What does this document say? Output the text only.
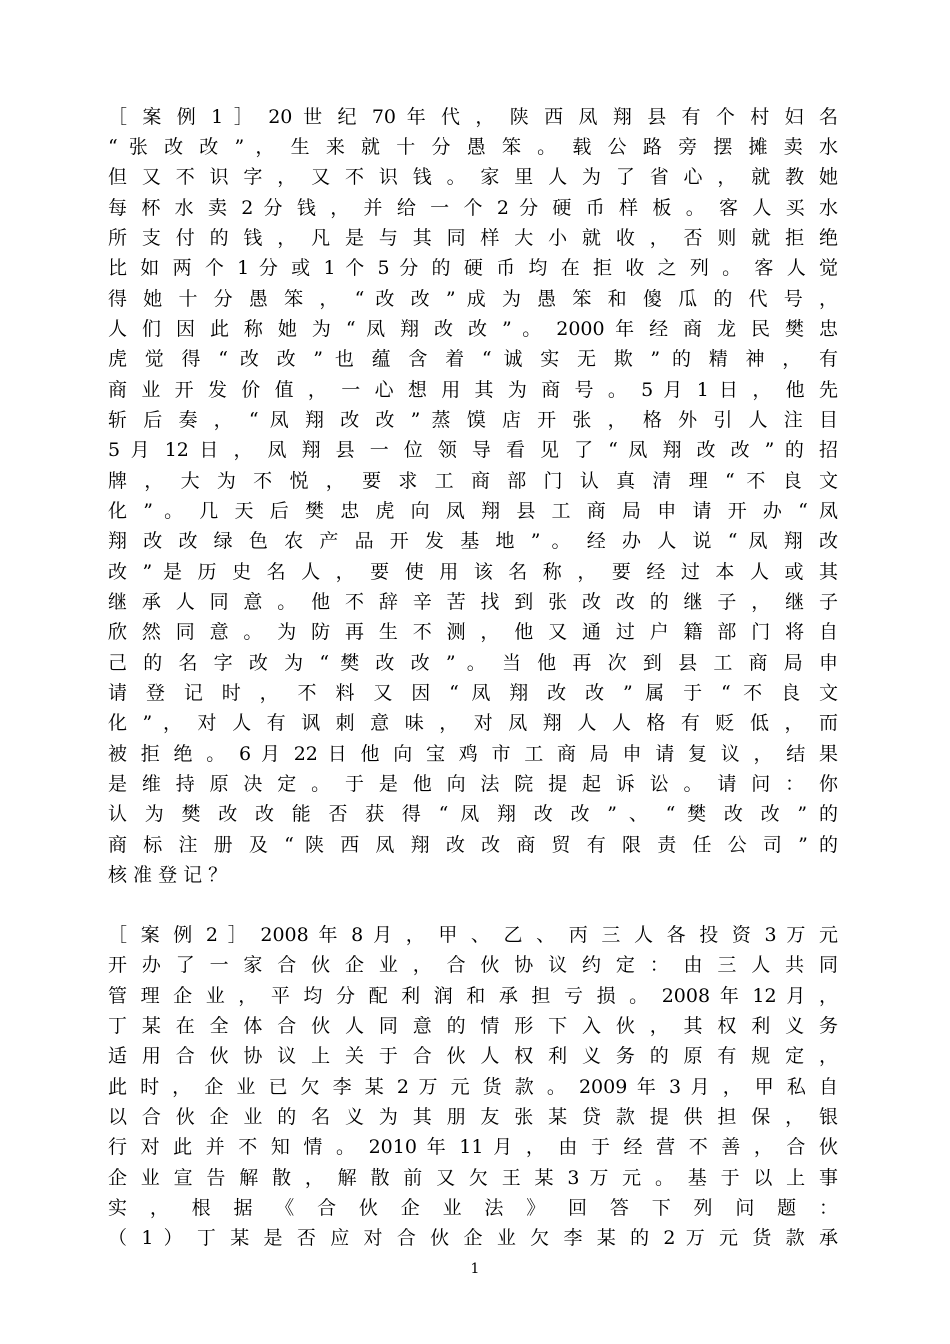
［ 案 例 1 ］ 20 世 纪 70 年 代 ， 陕 西 凤 翔 县 有 个 村 妇 名
“ 张 改 改 ” ， 生 来 就 十 分 愚 笨 。 载 公 路 旁 摆 摊 卖 水
但 又 不 识 字 ， 又 不 识 钱 。 家 里 人 为 了 省 心 ， 就 教 她
每 杯 水 卖 2 分 钱 ， 并 给 一 个 2 分 硬 币 样 板 。 客 人 买 水
所 支 付 的 钱 ， 凡 是 与 其 同 样 大 小 就 收 ， 否 则 就 拒 绝
比 如 两 个 1 分 或 1 个 5 分 的 硬 币 均 在 拒 收 之 列 。 客 人 觉
得 她 十 分 愚 笨 ， “ 改 改 ” 成 为 愚 笨 和 傻 瓜 的 代 号 ，
人 们 因 此 称 她 为 “ 凤 翔 改 改 ” 。 2000 年 经 商 龙 民 樊 忠
虎 觉 得 “ 改 改 ” 也 蕴 含 着 “ 诚 实 无 欺 ” 的 精 神 ， 有
商 业 开 发 价 值 ， 一 心 想 用 其 为 商 号 。 5 月 1 日 ， 他 先
斩 后 奏 ， “ 凤 翔 改 改 ” 蒸 馍 店 开 张 ， 格 外 引 人 注 目
5 月 12 日 ， 凤 翔 县 一 位 领 导 看 见 了 “ 凤 翔 改 改 ” 的 招
牌 ， 大 为 不 悦 ， 要 求 工 商 部 门 认 真 清 理 “ 不 良 文
化 ” 。 几 天 后 樊 忠 虎 向 凤 翔 县 工 商 局 申 请 开 办 “ 凤
翔 改 改 绿 色 农 产 品 开 发 基 地 ” 。 经 办 人 说 “ 凤 翔 改
改 ” 是 历 史 名 人 ， 要 使 用 该 名 称 ， 要 经 过 本 人 或 其
继 承 人 同 意 。 他 不 辞 辛 苦 找 到 张 改 改 的 继 子 ， 继 子
欣 然 同 意 。 为 防 再 生 不 测 ， 他 又 通 过 户 籍 部 门 将 自
己 的 名 字 改 为 “ 樊 改 改 ” 。 当 他 再 次 到 县 工 商 局 申
请 登 记 时 ， 不 料 又 因 “ 凤 翔 改 改 ” 属 于 “ 不 良 文
化 ” ， 对 人 有 讽 刺 意 味 ， 对 凤 翔 人 人 格 有 贬 低 ， 而
被 拒 绝 。 6 月 22 日 他 向 宝 鸡 市 工 商 局 申 请 复 议 ， 结 果
是 维 持 原 决 定 。 于 是 他 向 法 院 提 起 诉 讼 。 请 问 ： 你
认 为 樊 改 改 能 否 获 得 “ 凤 翔 改 改 ” 、 “ 樊 改 改 ” 的
商 标 注 册 及 “ 陕 西 凤 翔 改 改 商 贸 有 限 责 任 公 司 ” 的
核 准 登 记 ？
［ 案 例 2 ］ 2008 年 8 月 ， 甲 、 乙 、 丙 三 人 各 投 资 3 万 元
开 办 了 一 家 合 伙 企 业 ， 合 伙 协 议 约 定 ： 由 三 人 共 同
管 理 企 业 ， 平 均 分 配 利 润 和 承 担 亏 损 。 2008 年 12 月 ，
丁 某 在 全 体 合 伙 人 同 意 的 情 形 下 入 伙 ， 其 权 利 义 务
适 用 合 伙 协 议 上 关 于 合 伙 人 权 利 义 务 的 原 有 规 定 ，
此 时 ， 企 业 已 欠 李 某 2 万 元 货 款 。 2009 年 3 月 ， 甲 私 自
以 合 伙 企 业 的 名 义 为 其 朋 友 张 某 贷 款 提 供 担 保 ， 银
行 对 此 并 不 知 情 。 2010 年 11 月 ， 由 于 经 营 不 善 ， 合 伙
企 业 宣 告 解 散 ， 解 散 前 又 欠 王 某 3 万 元 。 基 于 以 上 事
实 ， 根 据 《 合 伙 企 业 法 》 回 答 下 列 问 题 ：
（ 1 ） 丁 某 是 否 应 对 合 伙 企 业 欠 李 某 的 2 万 元 货 款 承
1
